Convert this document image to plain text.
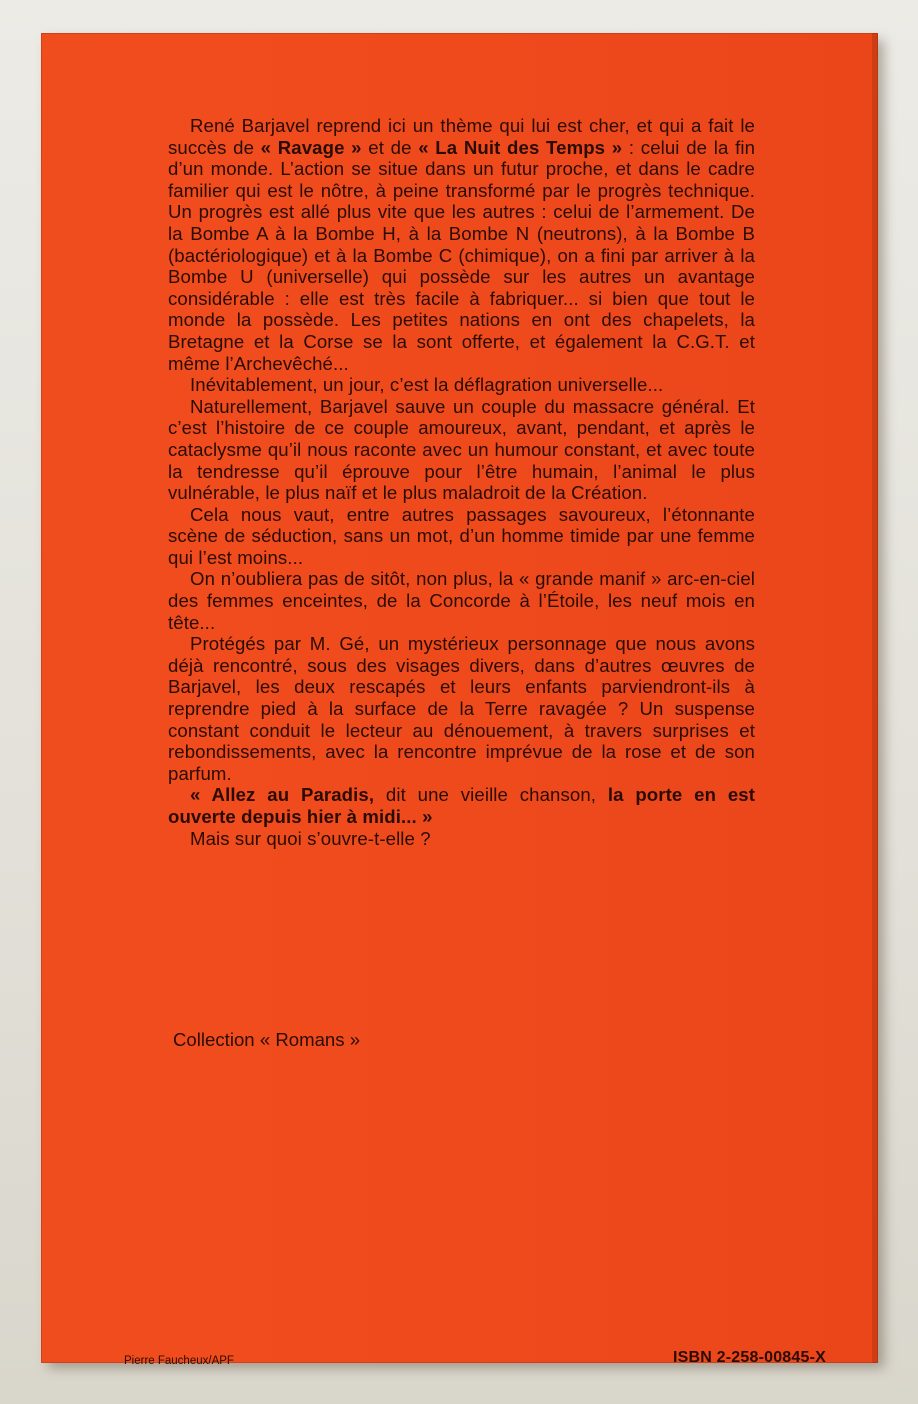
René Barjavel reprend ici un thème qui lui est cher, et qui a fait le succès de « Ravage » et de « La Nuit des Temps » : celui de la fin d’un monde. L’action se situe dans un futur proche, et dans le cadre familier qui est le nôtre, à peine transformé par le progrès technique. Un progrès est allé plus vite que les autres : celui de l’armement. De la Bombe A à la Bombe H, à la Bombe N (neutrons), à la Bombe B (bactériologique) et à la Bombe C (chimique), on a fini par arriver à la Bombe U (universelle) qui possède sur les autres un avantage considérable : elle est très facile à fabriquer... si bien que tout le monde la possède. Les petites nations en ont des chapelets, la Bretagne et la Corse se la sont offerte, et également la C.G.T. et même l’Archevêché...

Inévitablement, un jour, c’est la déflagration universelle...

Naturellement, Barjavel sauve un couple du massacre général. Et c’est l’histoire de ce couple amoureux, avant, pendant, et après le cataclysme qu’il nous raconte avec un humour constant, et avec toute la tendresse qu’il éprouve pour l’être humain, l’animal le plus vulnérable, le plus naïf et le plus maladroit de la Création.

Cela nous vaut, entre autres passages savoureux, l’étonnante scène de séduction, sans un mot, d’un homme timide par une femme qui l’est moins...

On n’oubliera pas de sitôt, non plus, la « grande manif » arc-en-ciel des femmes enceintes, de la Concorde à l’Étoile, les neuf mois en tête...

Protégés par M. Gé, un mystérieux personnage que nous avons déjà rencontré, sous des visages divers, dans d’autres œuvres de Barjavel, les deux rescapés et leurs enfants parviendront-ils à reprendre pied à la surface de la Terre ravagée ? Un suspense constant conduit le lecteur au dénouement, à travers surprises et rebondissements, avec la rencontre imprévue de la rose et de son parfum.

« Allez au Paradis, dit une vieille chanson, la porte en est ouverte depuis hier à midi... »

Mais sur quoi s’ouvre-t-elle ?

Collection « Romans »
Pierre Faucheux/APF	ISBN 2-258-00845-X
